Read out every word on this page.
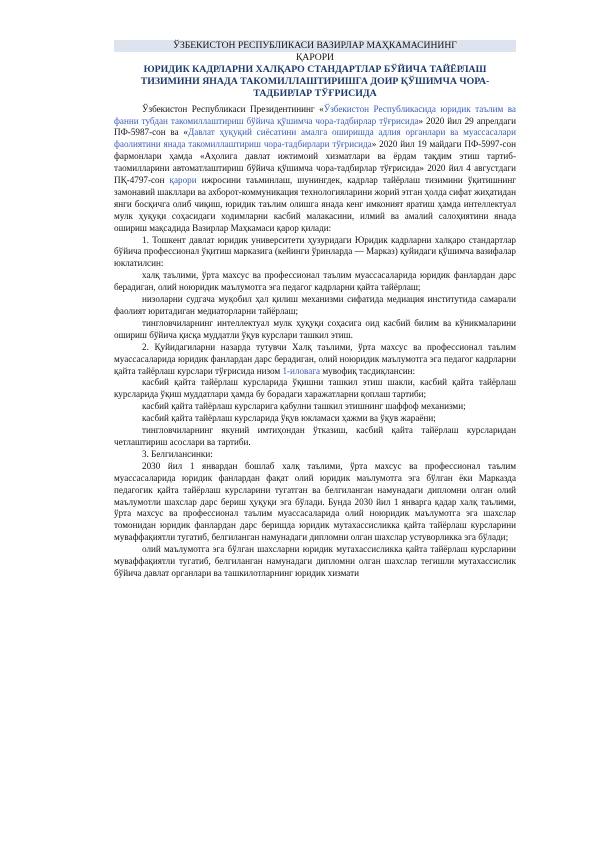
ЎЗБЕКИСТОН РЕСПУБЛИКАСИ ВАЗИРЛАР МАҲКАМАСИНИНГ
ҚАРОРИ
ЮРИДИК КАДРЛАРНИ ХАЛҚАРО СТАНДАРТЛАР БЎЙИЧА ТАЙЁРЛАШ ТИЗИМИНИ ЯНАДА ТАКОМИЛЛАШТИРИШГА ДОИР ҚЎШИМЧА ЧОРА-ТАДБИРЛАР ТЎҒРИСИДА

Ўзбекистон Республикаси Президентининг «Ўзбекистон Республикасида юридик таълим ва фанни тубдан такомиллаштириш бўйича қўшимча чора-тадбирлар тўғрисида» 2020 йил 29 апрелдаги ПФ-5987-сон ва «Давлат ҳуқуқий сиёсатини амалга оширишда адлия органлари ва муассасалари фаолиятини янада такомиллаштириш чора-тадбирлари тўғрисида» 2020 йил 19 майдаги ПФ-5997-сон фармонлари ҳамда «Аҳолига давлат ижтимоий хизматлари ва ёрдам тақдим этиш тартиб-таомилларини автоматлаштириш бўйича қўшимча чора-тадбирлар тўғрисида» 2020 йил 4 августдаги ПҚ-4797-сон қарори ижросини таъминлаш, шунингдек, кадрлар тайёрлаш тизимини ўқитишнинг замонавий шакллари ва ахборот-коммуникация технологияларини жорий этган ҳолда сифат жиҳатидан янги босқичга олиб чиқиш, юридик таълим олишга янада кенг имконият яратиш ҳамда интеллектуал мулк ҳуқуқи соҳасидаги ходимларни касбий малакасини, илмий ва амалий салоҳиятини янада ошириш мақсадида Вазирлар Маҳкамаси қарор қилади:

1. Тошкент давлат юридик университети ҳузуридаги Юридик кадрларни халқаро стандартлар бўйича профессионал ўқитиш марказига (кейинги ўринларда — Марказ) қуйидаги қўшимча вазифалар юклатилсин:

халқ таълими, ўрта махсус ва профессионал таълим муассасаларида юридик фанлардан дарс берадиган, олий ноюридик маълумотга эга педагог кадрларни қайта тайёрлаш;

низоларни судгача муқобил ҳал қилиш механизми сифатида медиация институтида самарали фаолият юритадиган медиаторларни тайёрлаш;

тингловчиларнинг интеллектуал мулк ҳуқуқи соҳасига оид касбий билим ва кўникмаларини ошириш бўйича қисқа муддатли ўқув курслари ташкил этиш.

2. Қуйидагиларни назарда тутувчи Халқ таълими, ўрта махсус ва профессионал таълим муассасаларида юридик фанлардан дарс берадиган, олий ноюридик маълумотга эга педагог кадрларни қайта тайёрлаш курслари тўғрисида низом 1-иловага мувофиқ тасдиқлансин:

касбий қайта тайёрлаш курсларида ўқишни ташкил этиш шакли, касбий қайта тайёрлаш курсларида ўқиш муддатлари ҳамда бу борадаги харажатларни қоплаш тартиби;

касбий қайта тайёрлаш курсларига қабулни ташкил этишнинг шаффоф механизми;

касбий қайта тайёрлаш курсларида ўқув юкламаси ҳажми ва ўқув жараёни;

тингловчиларнинг якуний имтиҳондан ўтказиш, касбий қайта тайёрлаш курсларидан четлаштириш асослари ва тартиби.

3. Белгилансинки:

2030 йил 1 январдан бошлаб халқ таълими, ўрта махсус ва профессионал таълим муассасаларида юридик фанлардан фақат олий юридик маълумотга эга бўлган ёки Марказда педагогик қайта тайёрлаш курсларини тугатган ва белгиланган намунадаги дипломни олган олий маълумотли шахслар дарс бериш ҳуқуқи эга бўлади. Бунда 2030 йил 1 январга қадар халқ таълими, ўрта махсус ва профессионал таълим муассасаларида олий ноюридик маълумотга эга шахслар томонидан юридик фанлардан дарс беришда юридик мутахассисликка қайта тайёрлаш курсларини муваффақиятли тугатиб, белгиланган намунадаги дипломни олган шахслар устуворликка эга бўлади;

олий маълумотга эга бўлган шахсларни юридик мутахассисликка қайта тайёрлаш курсларини муваффақиятли тугатиб, белгиланган намунадаги дипломни олган шахслар тегишли мутахассислик бўйича давлат органлари ва ташкилотларнинг юридик хизмати
